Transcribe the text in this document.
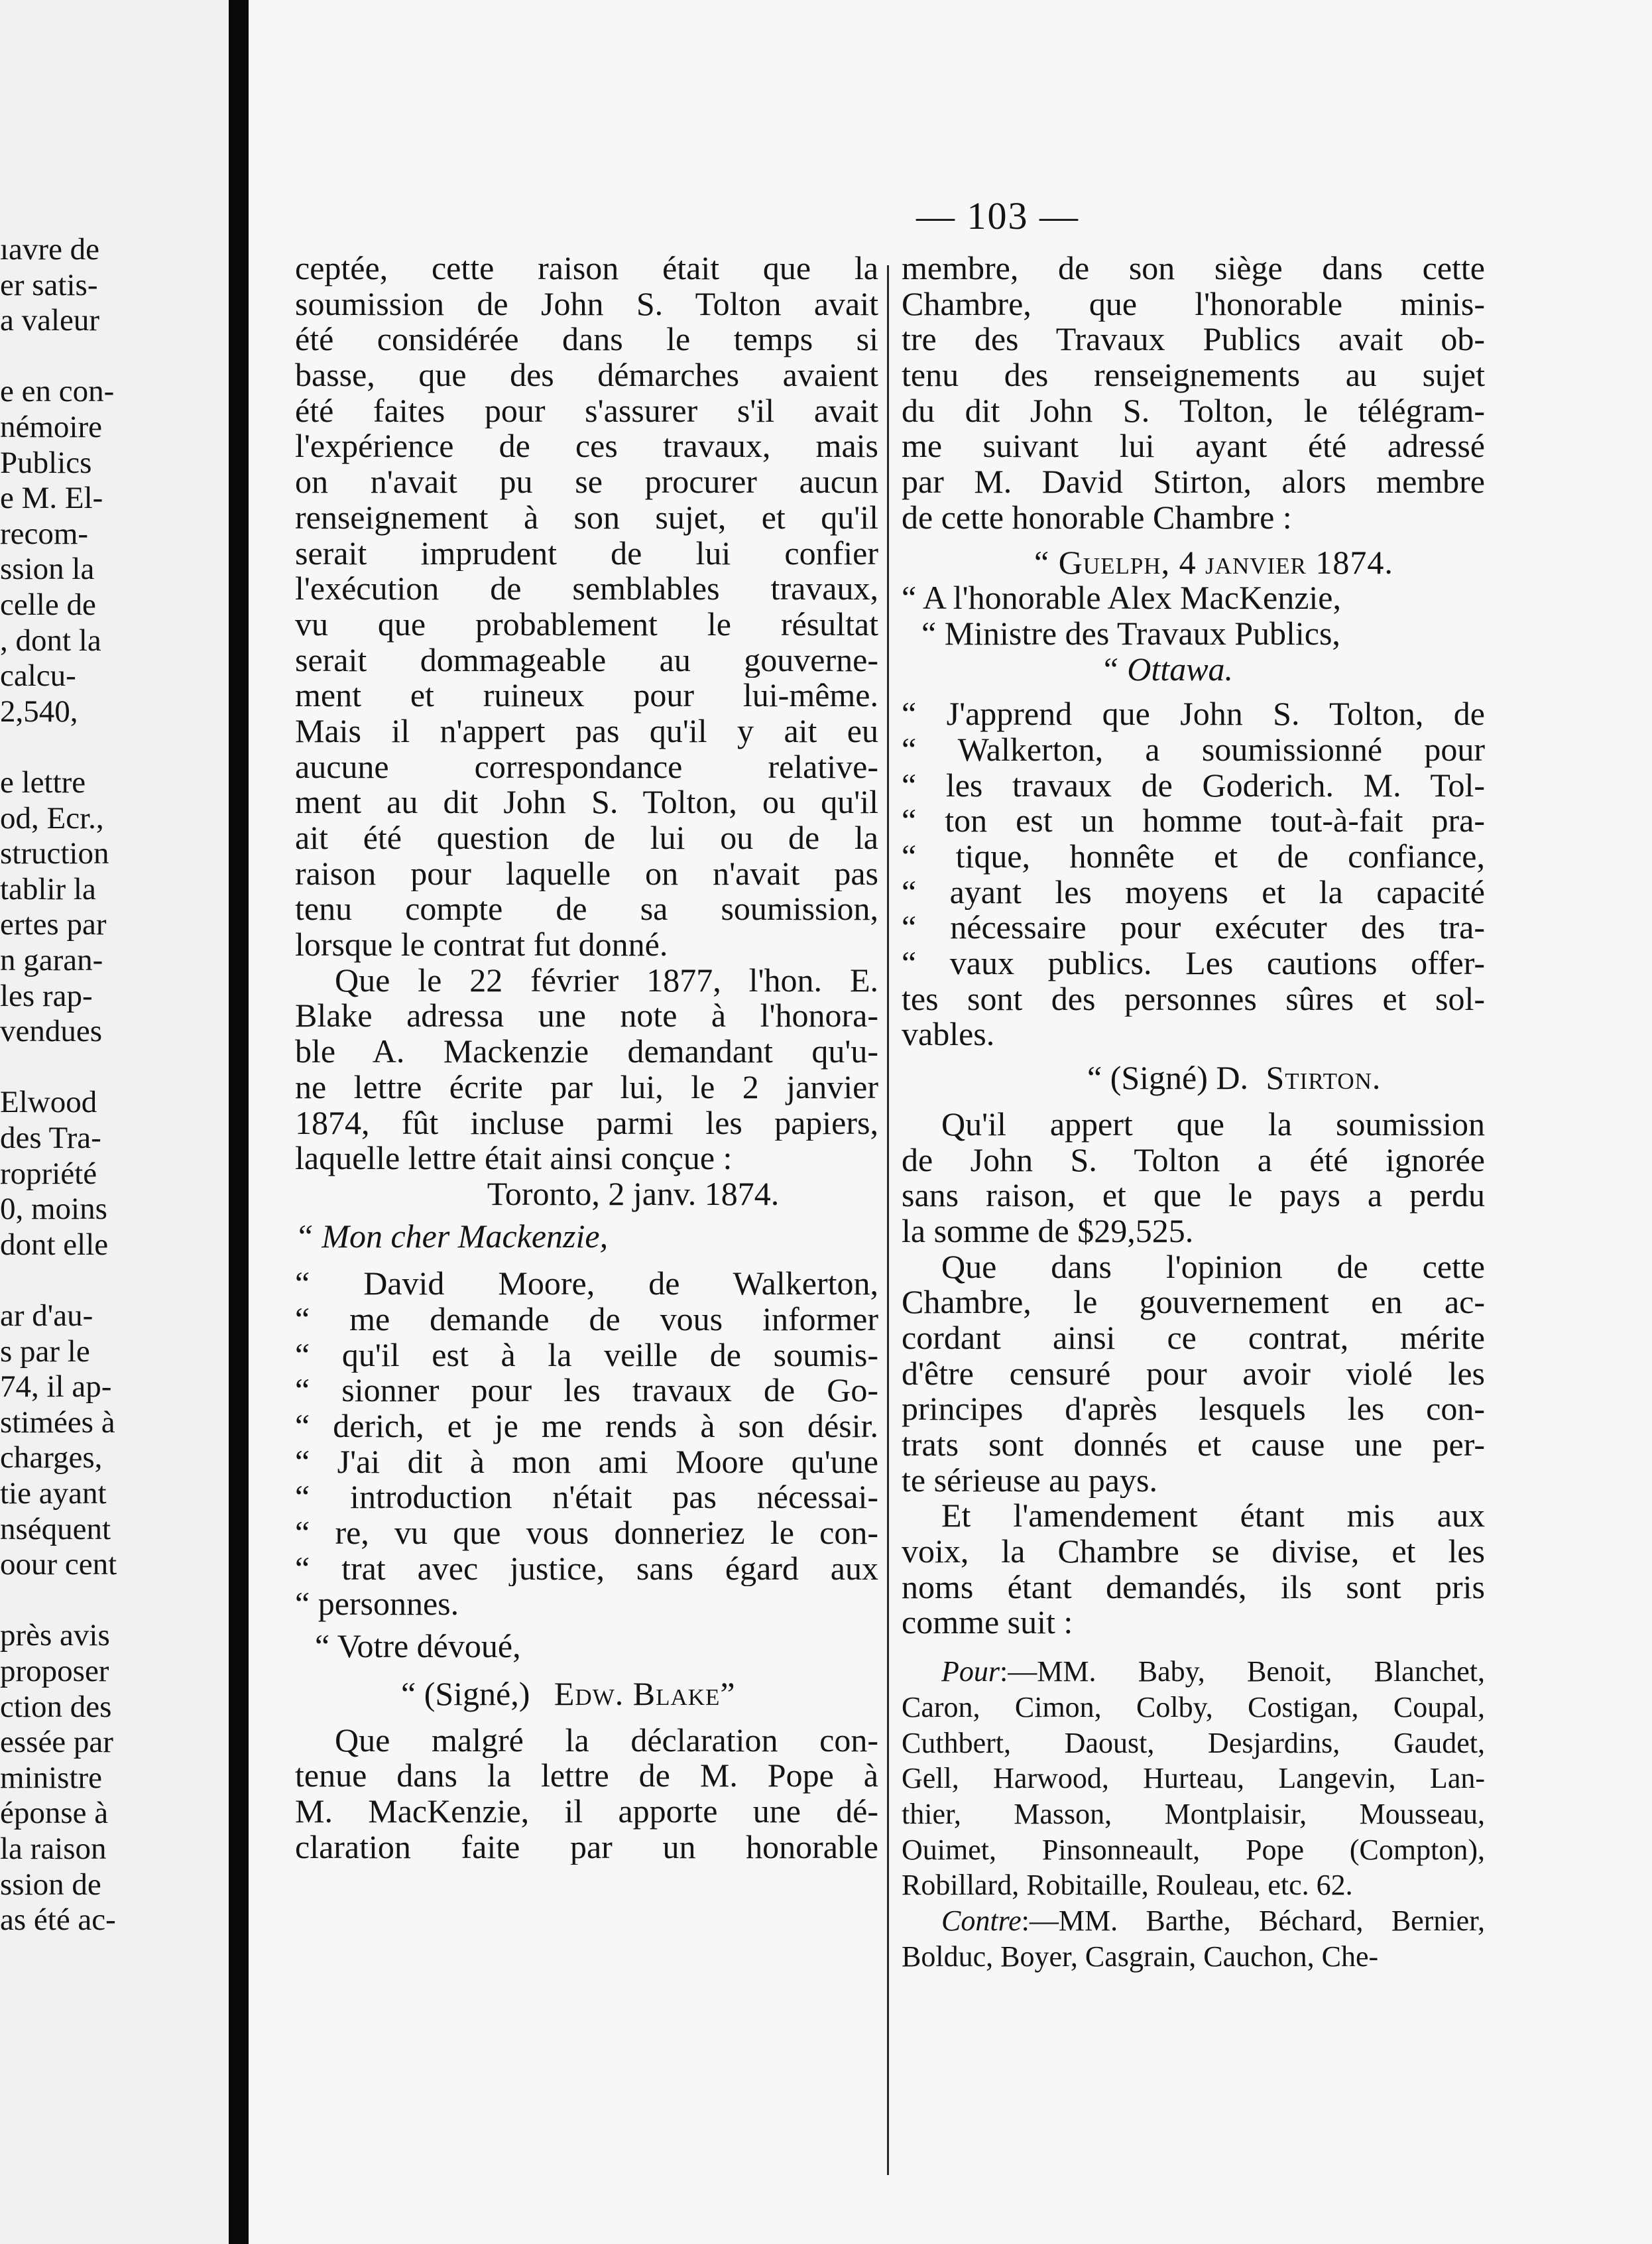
ıavre de
er satis-
a valeur
e en con-
némoire
Publics
e M. El-
recom-
ssion la
celle de
, dont la
calcu-
2,540,
e lettre
od, Ecr.,
struction
tablir la
ertes par
n garan-
les rap-
vendues
Elwood
des Tra-
ropriété
0, moins
dont elle
ar d'au-
s par le
74, il ap-
stimées à
charges,
tie ayant
nséquent
oour cent
près avis
proposer
ction des
essée par
ministre
éponse à
la raison
ssion de
as été ac-
— 103 —
ceptée, cette raison était que la
soumission de John S. Tolton avait
été considérée dans le temps si
basse, que des démarches avaient
été faites pour s'assurer s'il avait
l'expérience de ces travaux, mais
on n'avait pu se procurer aucun
renseignement à son sujet, et qu'il
serait imprudent de lui confier
l'exécution de semblables travaux,
vu que probablement le résultat
serait dommageable au gouverne-
ment et ruineux pour lui-même.
Mais il n'appert pas qu'il y ait eu
aucune correspondance relative-
ment au dit John S. Tolton, ou qu'il
ait été question de lui ou de la
raison pour laquelle on n'avait pas
tenu compte de sa soumission,
lorsque le contrat fut donné.
Que le 22 février 1877, l'hon. E.
Blake adressa une note à l'honora-
ble A. Mackenzie demandant qu'u-
ne lettre écrite par lui, le 2 janvier
1874, fût incluse parmi les papiers,
laquelle lettre était ainsi conçue :
Toronto, 2 janv. 1874.
“ Mon cher Mackenzie,
“ David Moore, de Walkerton,
“ me demande de vous informer
“ qu'il est à la veille de soumis-
“ sionner pour les travaux de Go-
“ derich, et je me rends à son désir.
“ J'ai dit à mon ami Moore qu'une
“ introduction n'était pas nécessai-
“ re, vu que vous donneriez le con-
“ trat avec justice, sans égard aux
“ personnes.
“ Votre dévoué,
“ (Signé,) Edw. Blake”
Que malgré la déclaration con-
tenue dans la lettre de M. Pope à
M. MacKenzie, il apporte une dé-
claration faite par un honorable
membre, de son siège dans cette
Chambre, que l'honorable minis-
tre des Travaux Publics avait ob-
tenu des renseignements au sujet
du dit John S. Tolton, le télégram-
me suivant lui ayant été adressé
par M. David Stirton, alors membre
de cette honorable Chambre :
“ Guelph, 4 janvier 1874.
“ A l'honorable Alex MacKenzie,
“ Ministre des Travaux Publics,
“ Ottawa.
“ J'apprend que John S. Tolton, de
“ Walkerton, a soumissionné pour
“ les travaux de Goderich. M. Tol-
“ ton est un homme tout-à-fait pra-
“ tique, honnête et de confiance,
“ ayant les moyens et la capacité
“ nécessaire pour exécuter des tra-
“ vaux publics. Les cautions offer-
tes sont des personnes sûres et sol-
vables.
“ (Signé) D. Stirton.
Qu'il appert que la soumission
de John S. Tolton a été ignorée
sans raison, et que le pays a perdu
la somme de $29,525.
Que dans l'opinion de cette
Chambre, le gouvernement en ac-
cordant ainsi ce contrat, mérite
d'être censuré pour avoir violé les
principes d'après lesquels les con-
trats sont donnés et cause une per-
te sérieuse au pays.
Et l'amendement étant mis aux
voix, la Chambre se divise, et les
noms étant demandés, ils sont pris
comme suit :
Pour:—MM. Baby, Benoit, Blanchet,
Caron, Cimon, Colby, Costigan, Coupal,
Cuthbert, Daoust, Desjardins, Gaudet,
Gell, Harwood, Hurteau, Langevin, Lan-
thier, Masson, Montplaisir, Mousseau,
Ouimet, Pinsonneault, Pope (Compton),
Robillard, Robitaille, Rouleau, etc. 62.
Contre:—MM. Barthe, Béchard, Bernier,
Bolduc, Boyer, Casgrain, Cauchon, Che-
